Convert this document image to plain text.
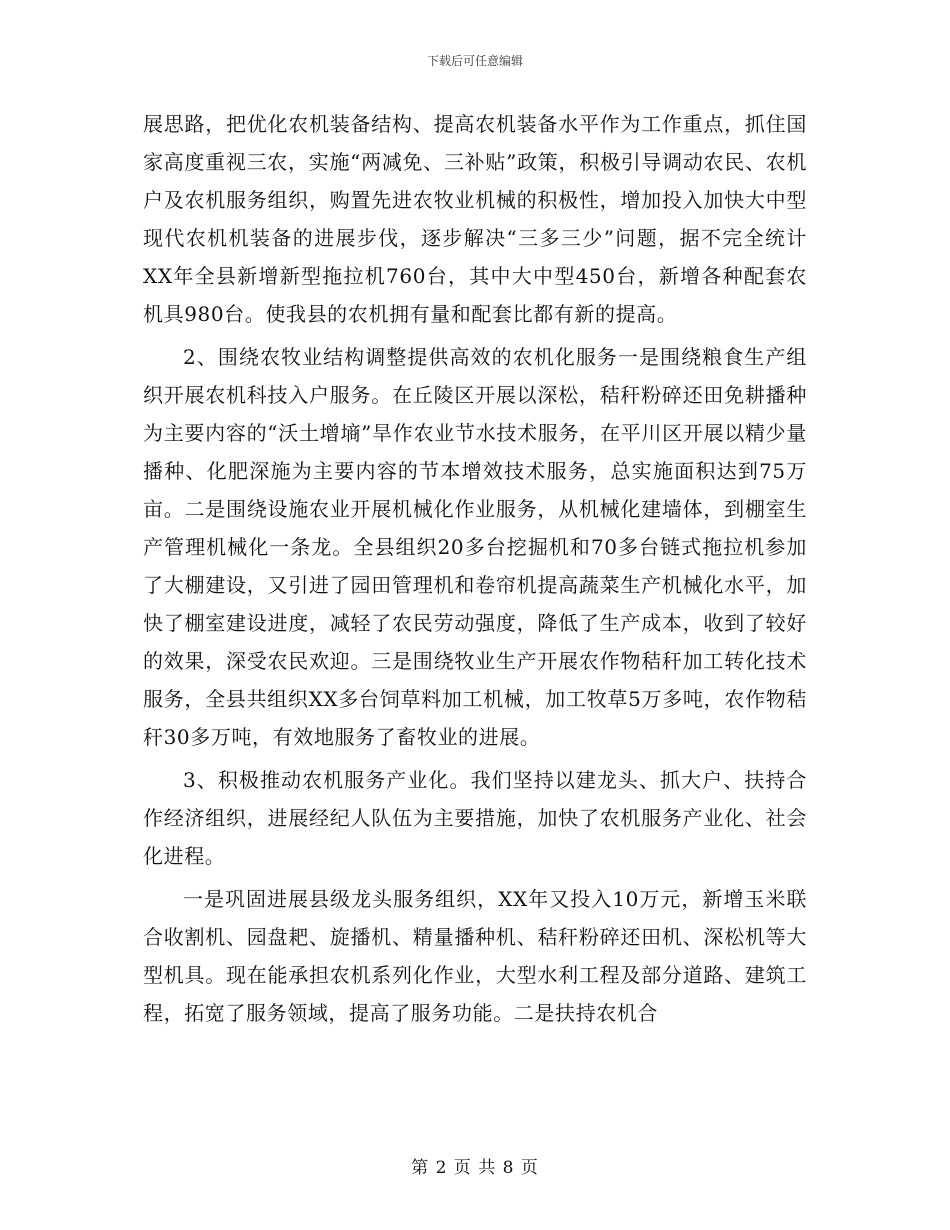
下载后可任意编辑

展思路，把优化农机装备结构、提高农机装备水平作为工作重点，抓住国家高度重视三农，实施“两减免、三补贴”政策，积极引导调动农民、农机户及农机服务组织，购置先进农牧业机械的积极性，增加投入加快大中型现代农机机装备的进展步伐，逐步解决“三多三少”问题，据不完全统计XX年全县新增新型拖拉机760台，其中大中型450台，新增各种配套农机具980台。使我县的农机拥有量和配套比都有新的提高。

2、围绕农牧业结构调整提供高效的农机化服务一是围绕粮食生产组织开展农机科技入户服务。在丘陵区开展以深松，秸秆粉碎还田免耕播种为主要内容的“沃土增墒”旱作农业节水技术服务，在平川区开展以精少量播种、化肥深施为主要内容的节本增效技术服务，总实施面积达到75万亩。二是围绕设施农业开展机械化作业服务，从机械化建墙体，到棚室生产管理机械化一条龙。全县组织20多台挖掘机和70多台链式拖拉机参加了大棚建设，又引进了园田管理机和卷帘机提高蔬菜生产机械化水平，加快了棚室建设进度，减轻了农民劳动强度，降低了生产成本，收到了较好的效果，深受农民欢迎。三是围绕牧业生产开展农作物秸秆加工转化技术服务，全县共组织XX多台饲草料加工机械，加工牧草5万多吨，农作物秸秆30多万吨，有效地服务了畜牧业的进展。

3、积极推动农机服务产业化。我们坚持以建龙头、抓大户、扶持合作经济组织，进展经纪人队伍为主要措施，加快了农机服务产业化、社会化进程。

一是巩固进展县级龙头服务组织，XX年又投入10万元，新增玉米联合收割机、园盘耙、旋播机、精量播种机、秸秆粉碎还田机、深松机等大型机具。现在能承担农机系列化作业，大型水利工程及部分道路、建筑工程，拓宽了服务领域，提高了服务功能。二是扶持农机合

第 2 页 共 8 页
